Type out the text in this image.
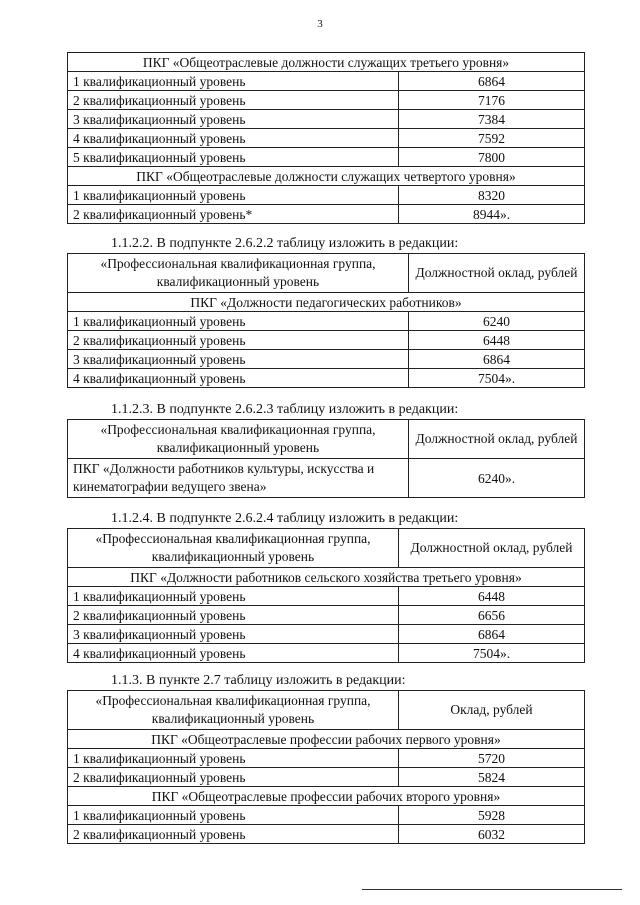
3
ПКГ «Общеотраслевые должности служащих третьего уровня»	
1 квалификационный уровень	6864
2 квалификационный уровень	7176
3 квалификационный уровень	7384
4 квалификационный уровень	7592
5 квалификационный уровень	7800
ПКГ «Общеотраслевые должности служащих четвертого уровня»	
1 квалификационный уровень	8320
2 квалификационный уровень*	8944».
1.1.2.2. В подпункте 2.6.2.2 таблицу изложить в редакции:
«Профессиональная квалификационная группа, квалификационный уровень	Должностной оклад, рублей
ПКГ «Должности педагогических работников»	
1 квалификационный уровень	6240
2 квалификационный уровень	6448
3 квалификационный уровень	6864
4 квалификационный уровень	7504».
1.1.2.3. В подпункте 2.6.2.3 таблицу изложить в редакции:
«Профессиональная квалификационная группа, квалификационный уровень	Должностной оклад, рублей
ПКГ «Должности работников культуры, искусства и кинематографии ведущего звена»	6240».
1.1.2.4. В подпункте 2.6.2.4 таблицу изложить в редакции:
«Профессиональная квалификационная группа, квалификационный уровень	Должностной оклад, рублей
ПКГ «Должности работников сельского хозяйства третьего уровня»	
1 квалификационный уровень	6448
2 квалификационный уровень	6656
3 квалификационный уровень	6864
4 квалификационный уровень	7504».
1.1.3. В пункте 2.7 таблицу изложить в редакции:
«Профессиональная квалификационная группа, квалификационный уровень	Оклад, рублей
ПКГ «Общеотраслевые профессии рабочих первого уровня»	
1 квалификационный уровень	5720
2 квалификационный уровень	5824
ПКГ «Общеотраслевые профессии рабочих второго уровня»	
1 квалификационный уровень	5928
2 квалификационный уровень	6032
